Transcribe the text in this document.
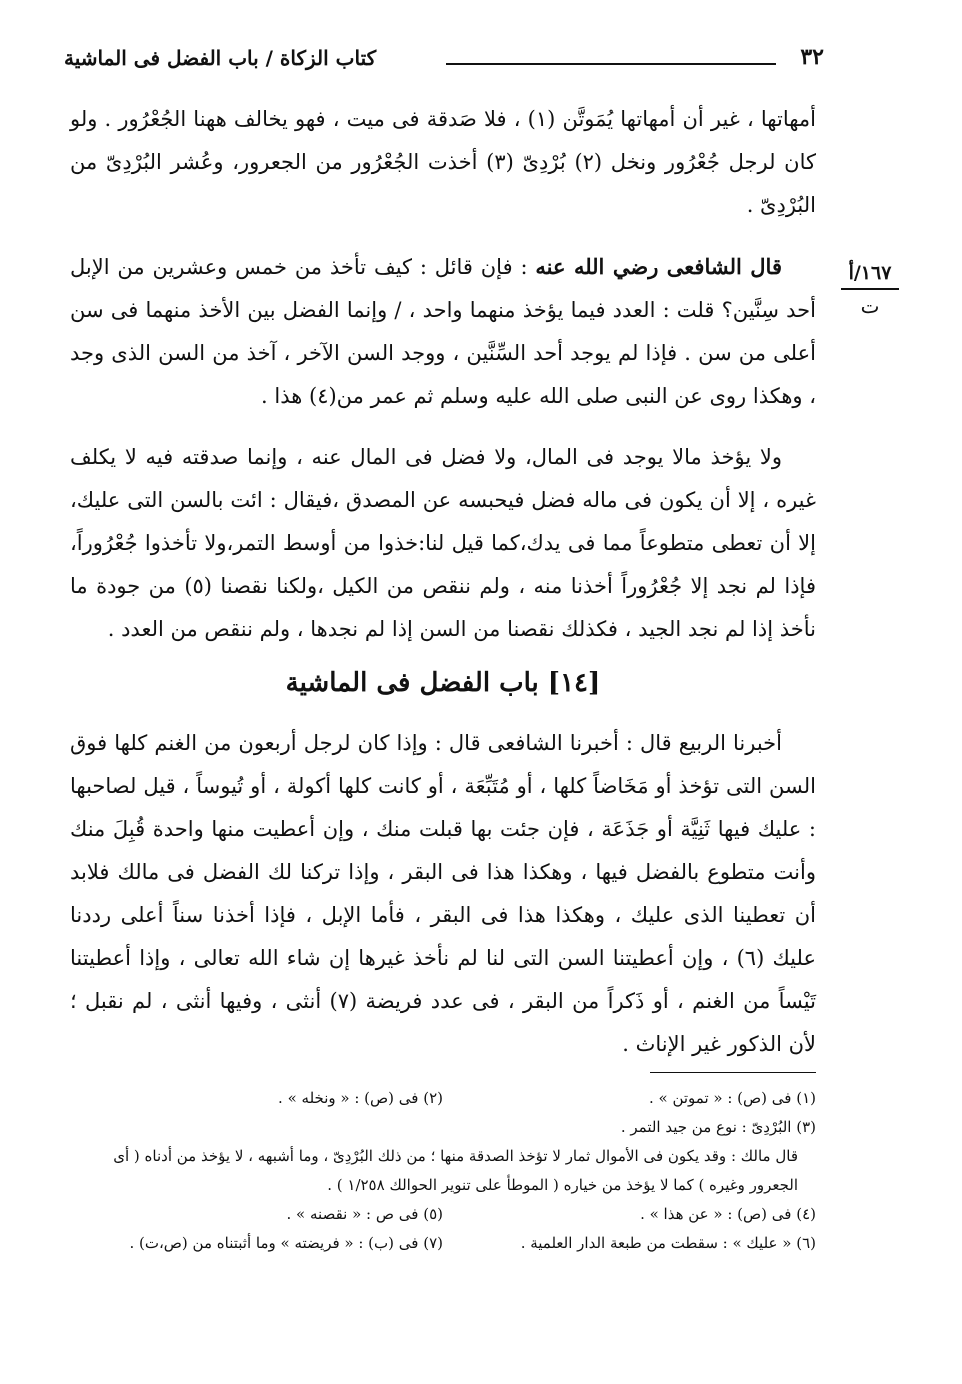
٣٢
كتاب الزكاة / باب الفضل فى الماشية
١٦٧/أ
ت

أمهاتها ، غير أن أمهاتها يُمَوتَّن (١) ، فلا صَدقة فى ميت ، فهو يخالف ههنا الجُعْرُور . ولو كان لرجل جُعْرُور ونخل (٢) بُرْدِىّ (٣) أخذت الجُعْرُور من الجعرور، وعُشر البُرْدِىّ من البُرْدِىّ .

قال الشافعى رضي الله عنه : فإن قائل : كيف تأخذ من خمس وعشرين من الإبل أحد سِنَّين؟ قلت : العدد فيما يؤخذ منهما واحد ، / وإنما الفضل بين الأخذ منهما فى سن أعلى من سن . فإذا لم يوجد أحد السِّنَّين ، ووجد السن الآخر ، آخذ من السن الذى وجد ، وهكذا روى عن النبى صلى الله عليه وسلم ثم عمر من(٤) هذا .

ولا يؤخذ مالا يوجد فى المال، ولا فضل فى المال عنه ، وإنما صدقته فيه لا يكلف غيره ، إلا أن يكون فى ماله فضل فيحبسه عن المصدق ،فيقال : ائت بالسن التى عليك، إلا أن تعطى متطوعاً مما فى يدك،كما قيل لنا:خذوا من أوسط التمر،ولا تأخذوا جُعْرُوراً، فإذا لم نجد إلا جُعْرُوراً أخذنا منه ، ولم ننقص من الكيل ،ولكنا نقصنا (٥) من جودة ما نأخذ إذا لم نجد الجيد ، فكذلك نقصنا من السن إذا لم نجدها ، ولم ننقص من العدد .

[١٤] باب الفضل فى الماشية

أخبرنا الربيع قال : أخبرنا الشافعى قال : وإذا كان لرجل أربعون من الغنم كلها فوق السن التى تؤخذ أو مَخَاضاً كلها ، أو مُتَبِّعَة ، أو كانت كلها أكولة ، أو تُيوساً ، قيل لصاحبها : عليك فيها ثَنِيَّة أو جَذَعَة ، فإن جئت بها قبلت منك ، وإن أعطيت منها واحدة قُبِلَ منك وأنت متطوع بالفضل فيها ، وهكذا هذا فى البقر ، وإذا تركنا لك الفضل فى مالك فلابد أن تعطينا الذى عليك ، وهكذا هذا فى البقر ، فأما الإبل ، فإذا أخذنا سناً أعلى رددنا عليك (٦) ، وإن أعطيتنا السن التى لنا لم نأخذ غيرها إن شاء الله تعالى ، وإذا أعطيتنا تَيْساً من الغنم ، أو ذَكراً من البقر ، فى عدد فريضة (٧) أنثى ، وفيها أنثى ، لم نقبل ؛ لأن الذكور غير الإناث .

(١) فى (ص) : « تموتن » .
(٢) فى (ص) : « ونخله » .
(٣) البُرْدِىّ : نوع من جيد التمر .
قال مالك : وقد يكون فى الأموال ثمار لا تؤخذ الصدقة منها ؛ من ذلك البُرْدِىّ ، وما أشبهه ، لا يؤخذ من أدناه ( أى الجعرور وغيره ) كما لا يؤخذ من خياره ( الموطأ على تنوير الحوالك ١/٢٥٨ ) .
(٤) فى (ص) : « عن هذا » .
(٥) فى ص : « نقصنه » .
(٦) « عليك » : سقطت من طبعة الدار العلمية .
(٧) فى (ب) : « فريضته » وما أثبتناه من (ص،ت) .
